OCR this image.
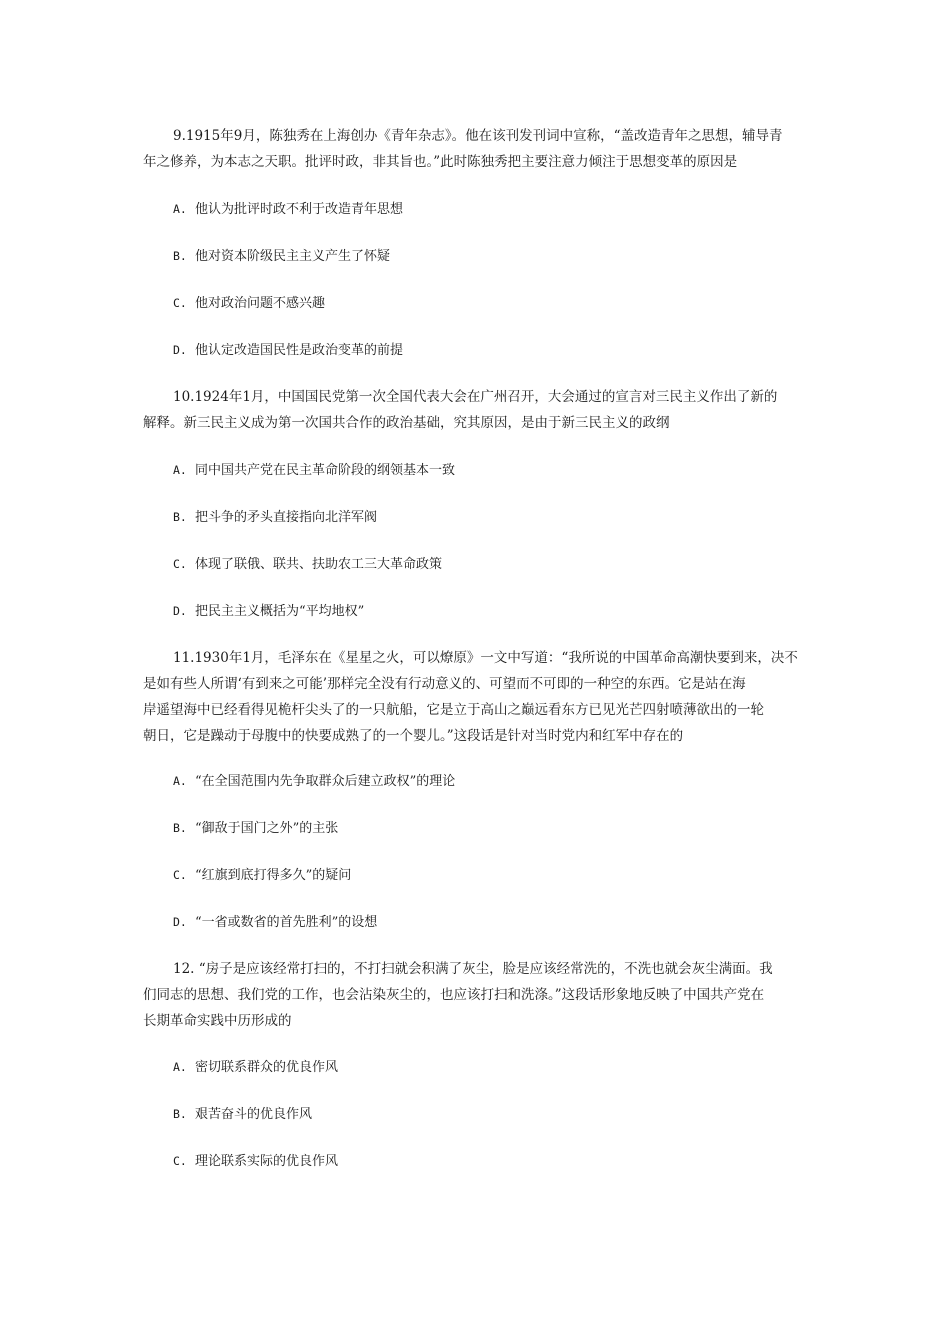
9.1915年9月，陈独秀在上海创办《青年杂志》。他在该刊发刊词中宣称，“盖改造青年之思想，辅导青
年之修养，为本志之天职。批评时政，非其旨也。”此时陈独秀把主要注意力倾注于思想变革的原因是
A. 他认为批评时政不利于改造青年思想
B. 他对资本阶级民主主义产生了怀疑
C. 他对政治问题不感兴趣
D. 他认定改造国民性是政治变革的前提
10.1924年1月，中国国民党第一次全国代表大会在广州召开，大会通过的宣言对三民主义作出了新的
解释。新三民主义成为第一次国共合作的政治基础，究其原因，是由于新三民主义的政纲
A. 同中国共产党在民主革命阶段的纲领基本一致
B. 把斗争的矛头直接指向北洋军阀
C. 体现了联俄、联共、扶助农工三大革命政策
D. 把民主主义概括为“平均地权”
11.1930年1月，毛泽东在《星星之火，可以燎原》一文中写道：“我所说的中国革命高潮快要到来，决不
是如有些人所谓‘有到来之可能’那样完全没有行动意义的、可望而不可即的一种空的东西。它是站在海
岸遥望海中已经看得见桅杆尖头了的一只航船，它是立于高山之巅远看东方已见光芒四射喷薄欲出的一轮
朝日，它是躁动于母腹中的快要成熟了的一个婴儿。”这段话是针对当时党内和红军中存在的
A. “在全国范围内先争取群众后建立政权”的理论
B. “御敌于国门之外”的主张
C. “红旗到底打得多久”的疑问
D. “一省或数省的首先胜利”的设想
12. “房子是应该经常打扫的，不打扫就会积满了灰尘，脸是应该经常洗的，不洗也就会灰尘满面。我
们同志的思想、我们党的工作，也会沾染灰尘的，也应该打扫和洗涤。”这段话形象地反映了中国共产党在
长期革命实践中历形成的
A. 密切联系群众的优良作风
B. 艰苦奋斗的优良作风
C. 理论联系实际的优良作风
